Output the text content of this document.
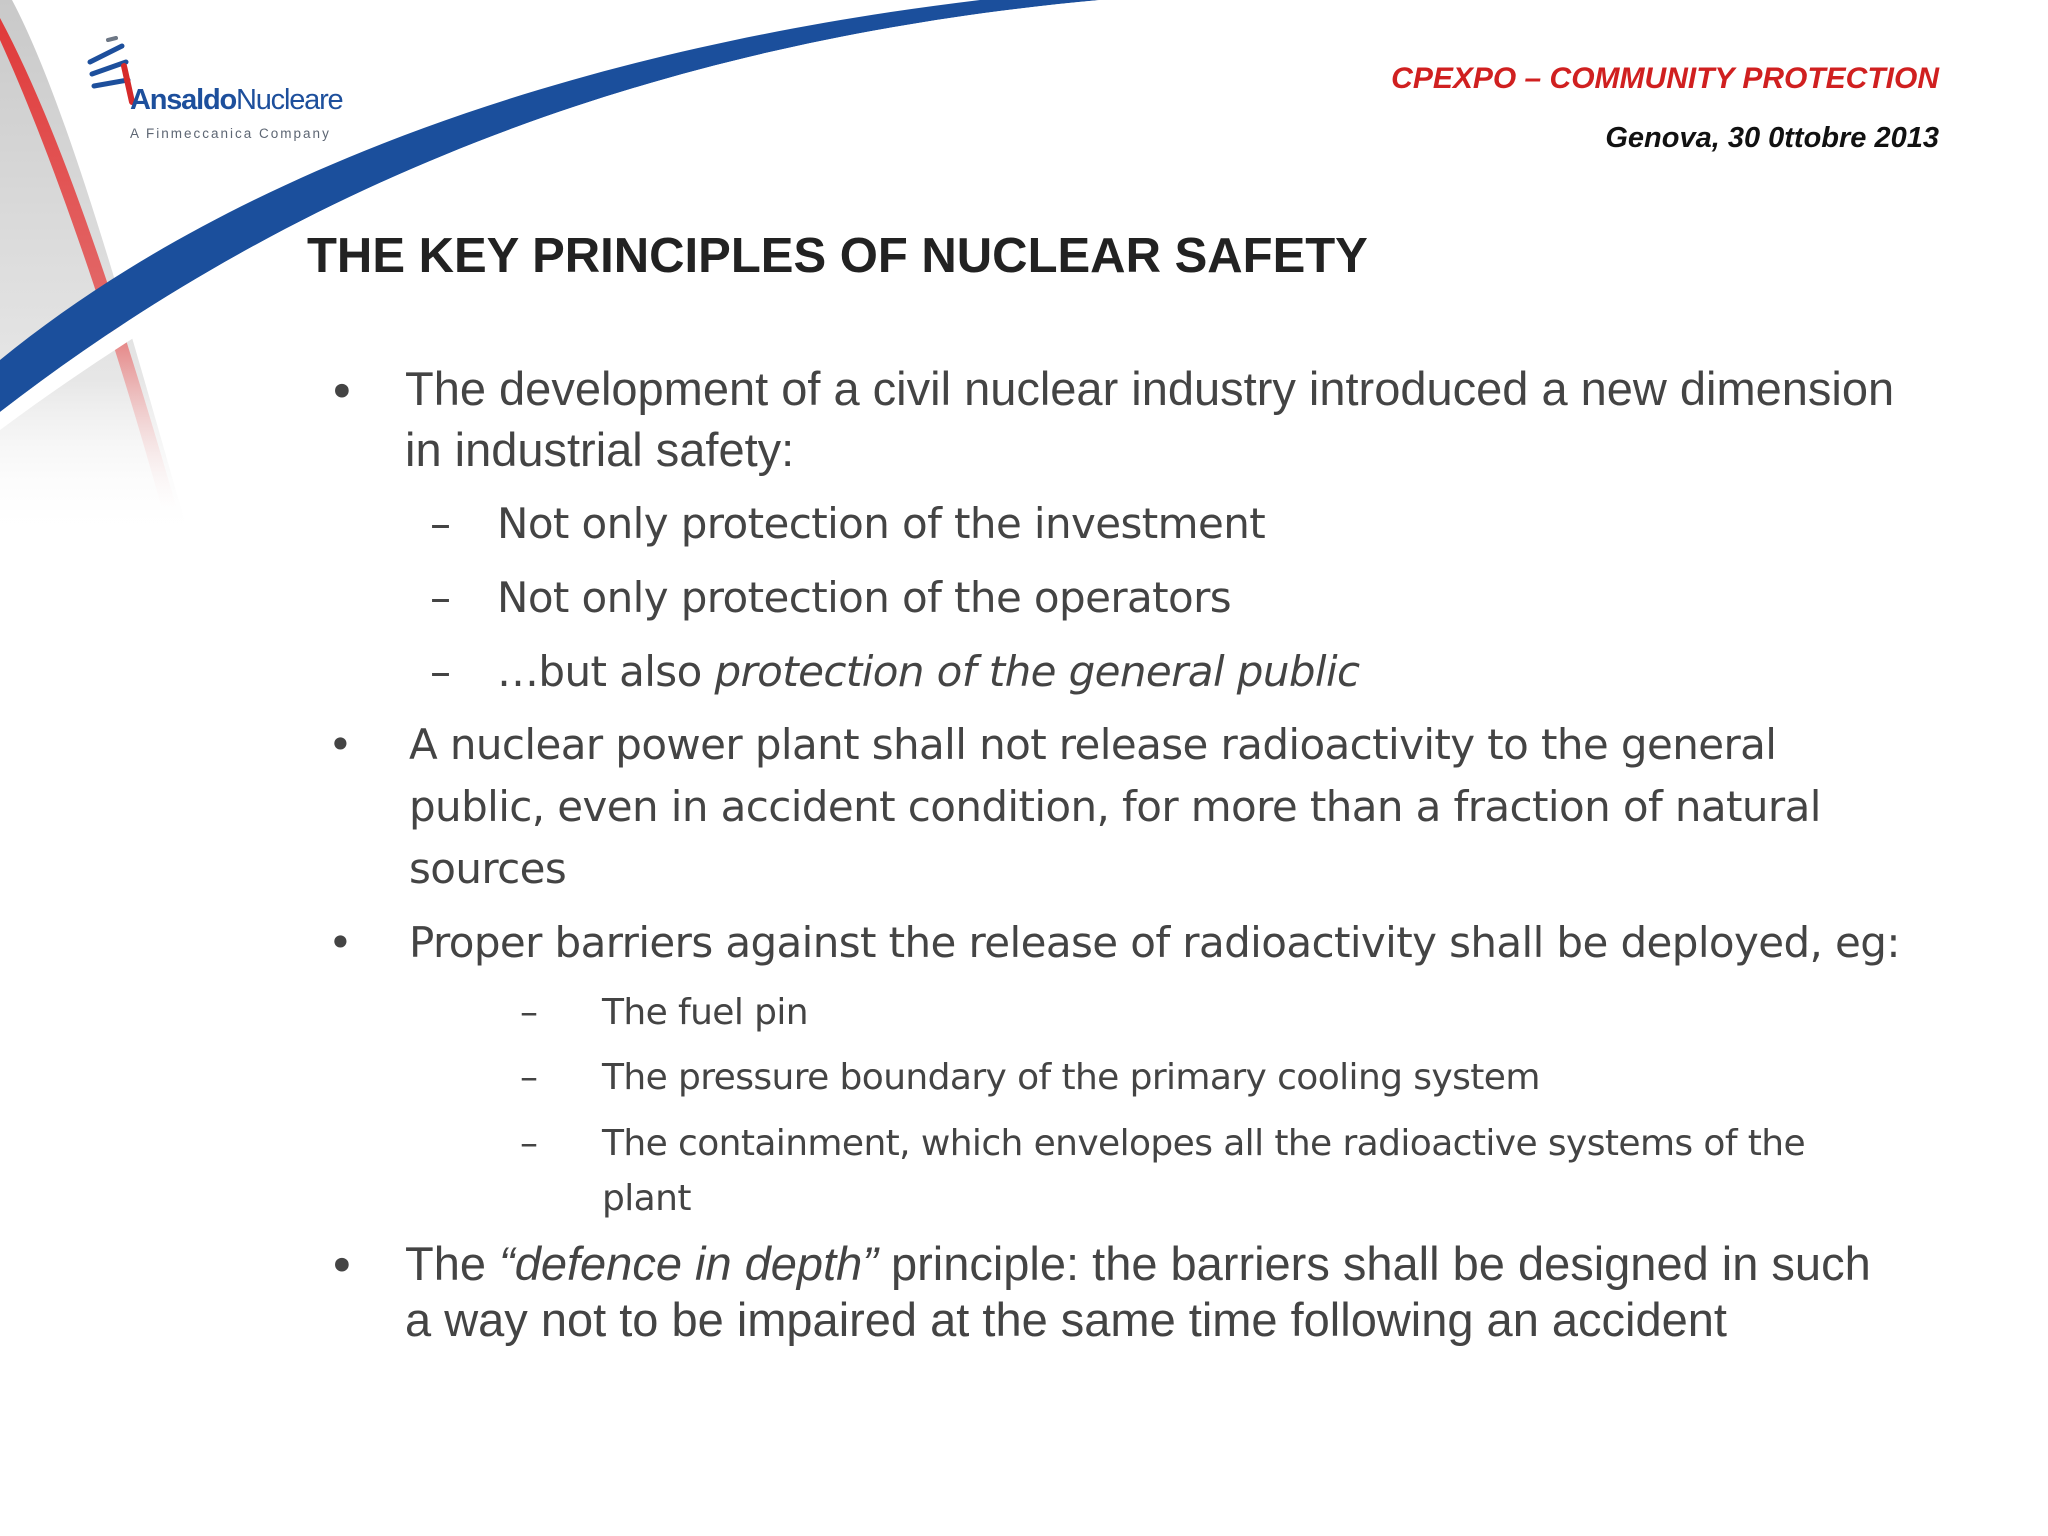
AnsaldoNucleare
A Finmeccanica Company
CPEXPO – COMMUNITY PROTECTION
Genova, 30 0ttobre 2013
THE KEY PRINCIPLES OF NUCLEAR SAFETY
• The development of a civil nuclear industry introduced a new dimension in industrial safety:
– Not only protection of the investment
– Not only protection of the operators
– …but also protection of the general public
• A nuclear power plant shall not release radioactivity to the general public, even in accident condition, for more than a fraction of natural sources
• Proper barriers against the release of radioactivity shall be deployed, eg:
– The fuel pin
– The pressure boundary of the primary cooling system
– The containment, which envelopes all the radioactive systems of the plant
• The “defence in depth” principle: the barriers shall be designed in such a way not to be impaired at the same time following an accident
